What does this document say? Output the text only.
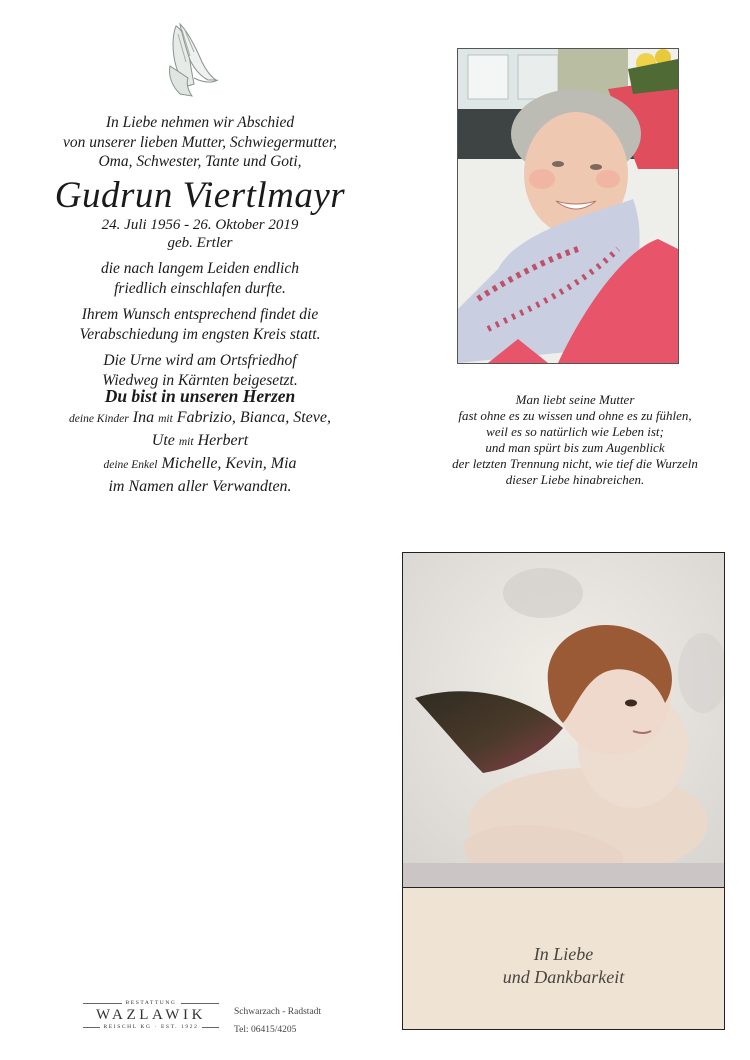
In Liebe nehmen wir Abschied
von unserer lieben Mutter, Schwiegermutter,
Oma, Schwester, Tante und Goti,
Gudrun Viertlmayr
24. Juli 1956 - 26. Oktober 2019
geb. Ertler

die nach langem Leiden endlich
friedlich einschlafen durfte.

Ihrem Wunsch entsprechend findet die
Verabschiedung im engsten Kreis statt.

Die Urne wird am Ortsfriedhof
Wiedweg in Kärnten beigesetzt.

Du bist in unseren Herzen

deine Kinder Ina mit Fabrizio, Bianca, Steve,

Ute mit Herbert

deine Enkel Michelle, Kevin, Mia

im Namen aller Verwandten.

Man liebt seine Mutter
fast ohne es zu wissen und ohne es zu fühlen,
weil es so natürlich wie Leben ist;
und man spürt bis zum Augenblick
der letzten Trennung nicht, wie tief die Wurzeln
dieser Liebe hinabreichen.
In Liebe
und Dankbarkeit
BESTATTUNG
WAZLAWIK
REISCHL KG · EST. 1922
Schwarzach - Radstadt
Tel: 06415/4205
